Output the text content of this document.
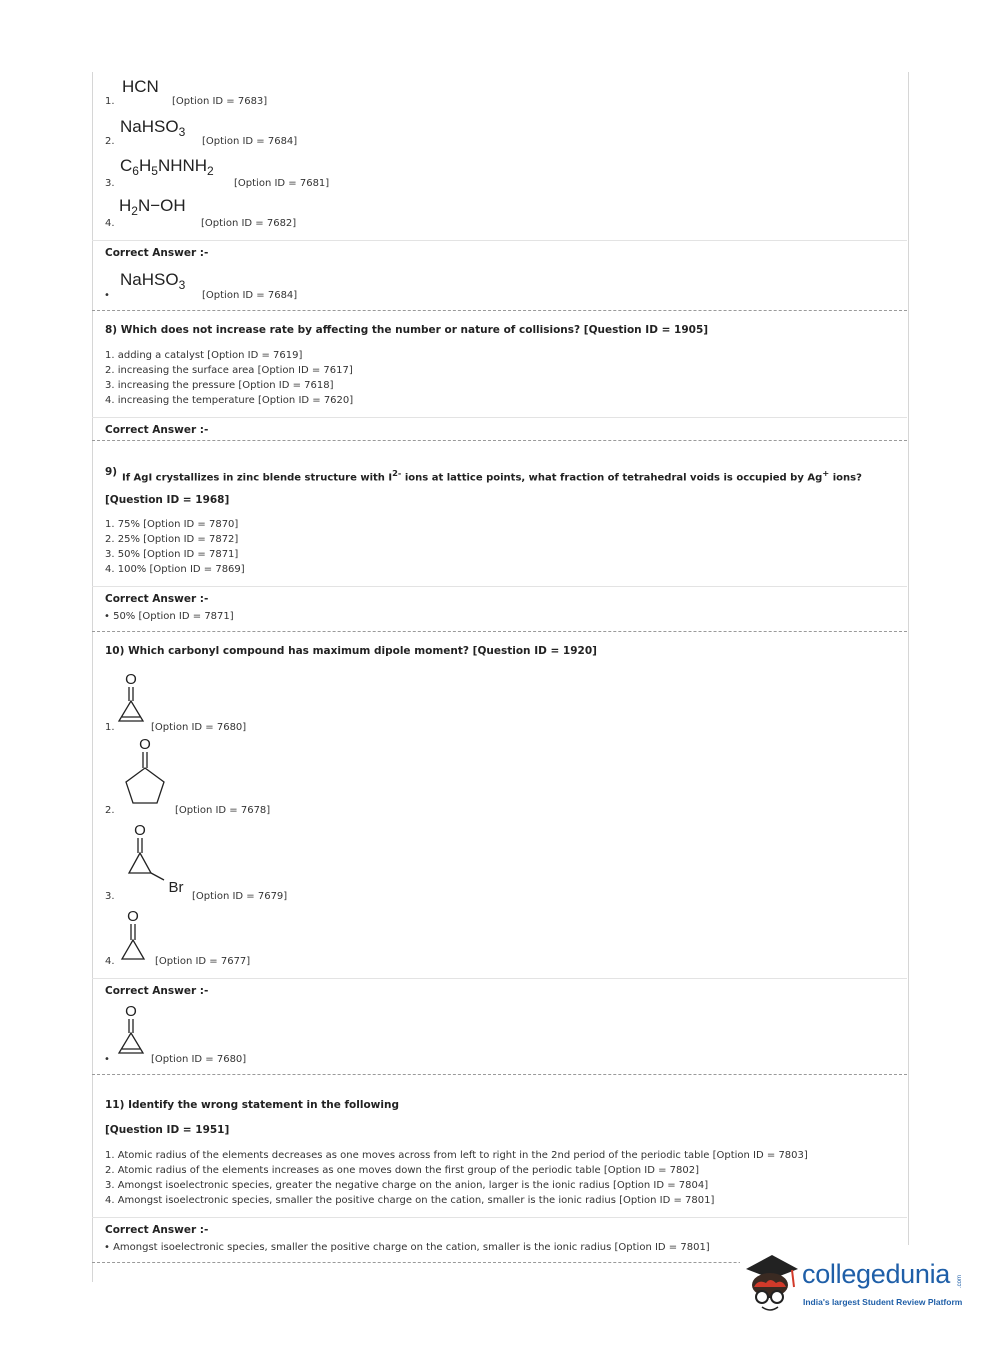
HCN
1.	[Option ID = 7683]
NaHSO$_3$
2.	[Option ID = 7684]
$C_6H_5NHNH_2$
3.	[Option ID = 7681]
$H_2N-OH$
4.	[Option ID = 7682]
Correct Answer :-
NaHSO$_3$
•	[Option ID = 7684]
8) Which does not increase rate by affecting the number or nature of collisions? [Question ID = 1905]
1. adding a catalyst [Option ID = 7619]
2. increasing the surface area [Option ID = 7617]
3. increasing the pressure [Option ID = 7618]
4. increasing the temperature [Option ID = 7620]
Correct Answer :-
9) If AgI crystallizes in zinc blende structure with $I^{2-}$ ions at lattice points, what fraction of tetrahedral voids is occupied by Ag+ ions?
[Question ID = 1968]
1. 75% [Option ID = 7870]
2. 25% [Option ID = 7872]
3. 50% [Option ID = 7871]
4. 100% [Option ID = 7869]
Correct Answer :-
• 50% [Option ID = 7871]
10) Which carbonyl compound has maximum dipole moment? [Question ID = 1920]
O
1.	[Option ID = 7680]
O
2.	[Option ID = 7678]
O
Br
3.	[Option ID = 7679]
O
4.	[Option ID = 7677]
Correct Answer :-
O
•	[Option ID = 7680]
11) Identify the wrong statement in the following
[Question ID = 1951]
1. Atomic radius of the elements decreases as one moves across from left to right in the 2nd period of the periodic table [Option ID = 7803]
2. Atomic radius of the elements increases as one moves down the first group of the periodic table [Option ID = 7802]
3. Amongst isoelectronic species, greater the negative charge on the anion, larger is the ionic radius [Option ID = 7804]
4. Amongst isoelectronic species, smaller the positive charge on the cation, smaller is the ionic radius [Option ID = 7801]
Correct Answer :-
• Amongst isoelectronic species, smaller the positive charge on the cation, smaller is the ionic radius [Option ID = 7801]
collegedunia .com
India's largest Student Review Platform
